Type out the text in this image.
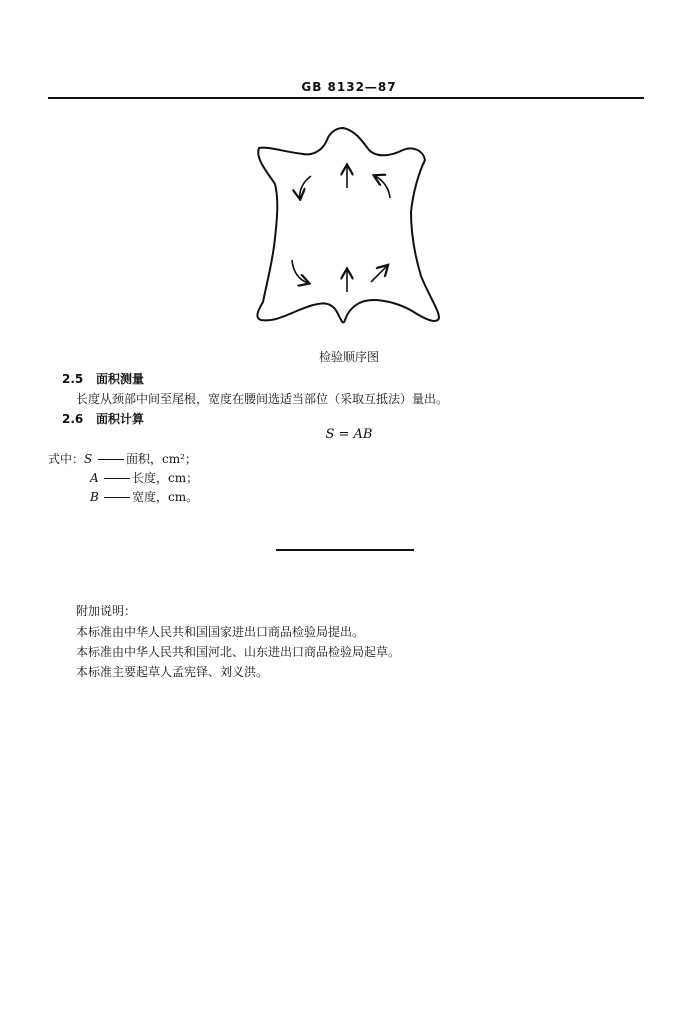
GB 8132—87
检验顺序图
2.5 面积测量
长度从颈部中间至尾根，宽度在腰间选适当部位（采取互抵法）量出。
2.6 面积计算
S = AB
式中：S	面积，cm²；
A	长度，cm；
B	宽度，cm。
附加说明：
本标准由中华人民共和国国家进出口商品检验局提出。
本标准由中华人民共和国河北、山东进出口商品检验局起草。
本标准主要起草人孟宪铎、刘义洪。
